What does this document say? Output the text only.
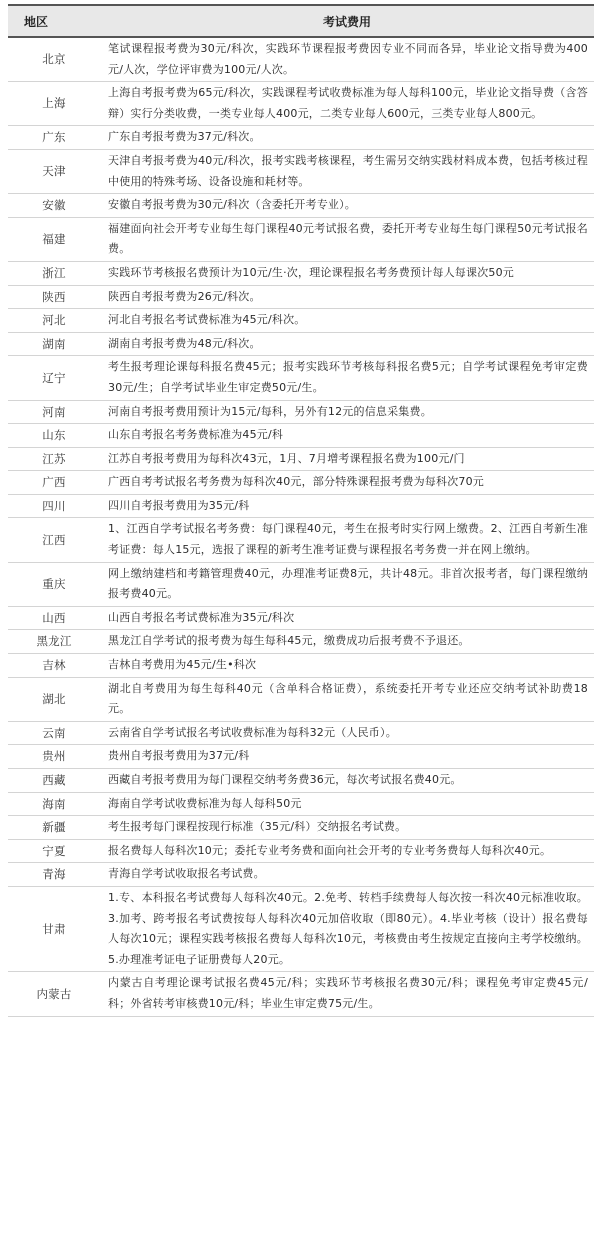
地区	考试费用
北京	笔试课程报考费为30元/科次，实践环节课程报考费因专业不同而各异，毕业论文指导费为400元/人次，学位评审费为100元/人次。
上海	上海自考报考费为65元/科次，实践课程考试收费标准为每人每科100元，毕业论文指导费（含答辩）实行分类收费，一类专业每人400元，二类专业每人600元，三类专业每人800元。
广东	广东自考报考费为37元/科次。
天津	天津自考报考费为40元/科次，报考实践考核课程，考生需另交纳实践材料成本费，包括考核过程中使用的特殊考场、设备设施和耗材等。
安徽	安徽自考报考费为30元/科次（含委托开考专业）。
福建	福建面向社会开考专业每生每门课程40元考试报名费，委托开考专业每生每门课程50元考试报名费。
浙江	实践环节考核报名费预计为10元/生·次，理论课程报名考务费预计每人每课次50元
陕西	陕西自考报考费为26元/科次。
河北	河北自考报名考试费标准为45元/科次。
湖南	湖南自考报考费为48元/科次。
辽宁	考生报考理论课每科报名费45元；报考实践环节考核每科报名费5元；自学考试课程免考审定费30元/生；自学考试毕业生审定费50元/生。
河南	河南自考报考费用预计为15元/每科，另外有12元的信息采集费。
山东	山东自考报名考务费标准为45元/科
江苏	江苏自考报考费用为每科次43元，1月、7月增考课程报名费为100元/门
广西	广西自考考试报名考务费为每科次40元，部分特殊课程报考费为每科次70元
四川	四川自考报考费用为35元/科
江西	1、江西自学考试报名考务费：每门课程40元，考生在报考时实行网上缴费。2、江西自考新生准考证费：每人15元，选报了课程的新考生准考证费与课程报名考务费一并在网上缴纳。
重庆	网上缴纳建档和考籍管理费40元，办理准考证费8元，共计48元。非首次报考者，每门课程缴纳报考费40元。
山西	山西自考报名考试费标准为35元/科次
黑龙江	黑龙江自学考试的报考费为每生每科45元，缴费成功后报考费不予退还。
吉林	吉林自考费用为45元/生•科次
湖北	湖北自考费用为每生每科40元（含单科合格证费），系统委托开考专业还应交纳考试补助费18元。
云南	云南省自学考试报名考试收费标准为每科32元（人民币）。
贵州	贵州自考报考费用为37元/科
西藏	西藏自考报考费用为每门课程交纳考务费36元，每次考试报名费40元。
海南	海南自学考试收费标准为每人每科50元
新疆	考生报考每门课程按现行标准（35元/科）交纳报名考试费。
宁夏	报名费每人每科次10元；委托专业考务费和面向社会开考的专业考务费每人每科次40元。
青海	青海自学考试收取报名考试费。
甘肃	1.专、本科报名考试费每人每科次40元。2.免考、转档手续费每人每次按一科次40元标准收取。3.加考、跨考报名考试费按每人每科次40元加倍收取（即80元）。4.毕业考核（设计）报名费每人每次10元；课程实践考核报名费每人每科次10元，考核费由考生按规定直接向主考学校缴纳。5.办理准考证电子证册费每人20元。
内蒙古	内蒙古自考理论课考试报名费45元/科；实践环节考核报名费30元/科；课程免考审定费45元/科；外省转考审核费10元/科；毕业生审定费75元/生。
